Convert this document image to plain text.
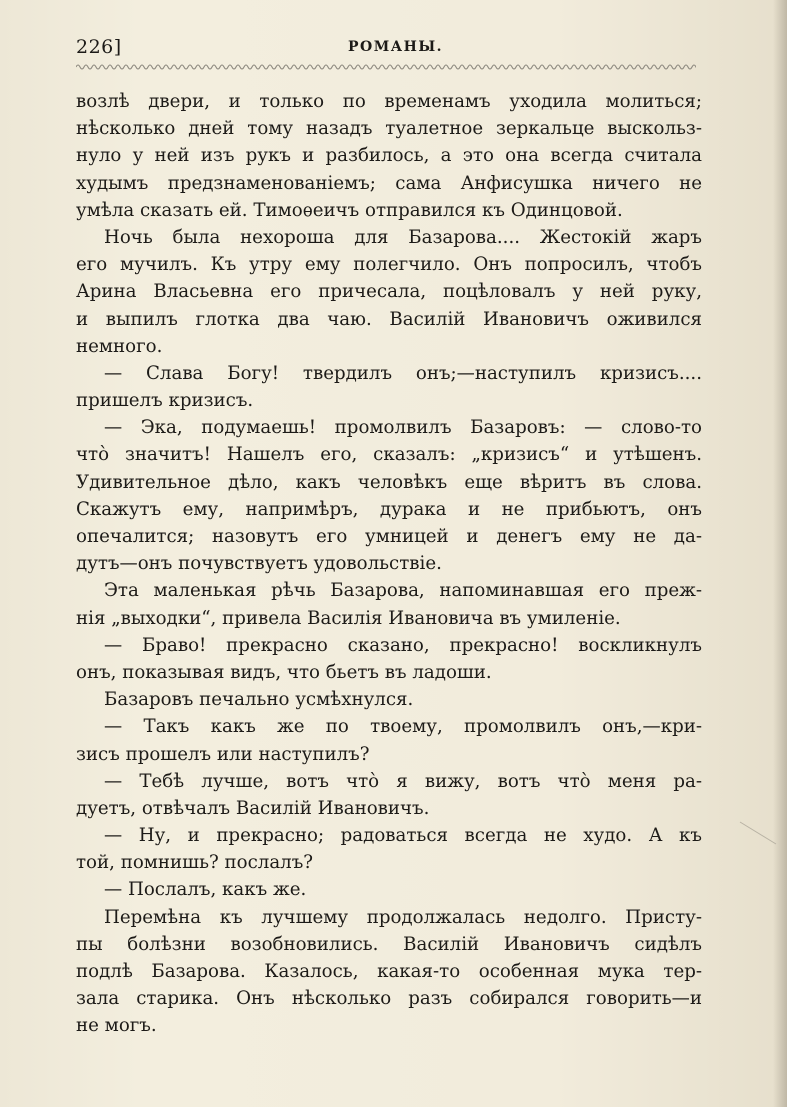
226]	РОМАНЫ.
возлѣ двери, и только по временамъ уходила молиться;
нѣсколько дней тому назадъ туалетное зеркальце выскольз-
нуло у ней изъ рукъ и разбилось, а это она всегда считала
худымъ предзнаменованіемъ; сама Анфисушка ничего не
умѣла сказать ей. Тимоѳеичъ отправился къ Одинцовой.
Ночь была нехороша для Базарова.... Жестокій жаръ
его мучилъ. Къ утру ему полегчило. Онъ попросилъ, чтобъ
Арина Власьевна его причесала, поцѣловалъ у ней руку,
и выпилъ глотка два чаю. Василій Ивановичъ оживился
немного.
— Слава Богу! твердилъ онъ;—наступилъ кризисъ....
пришелъ кризисъ.
— Эка, подумаешь! промолвилъ Базаровъ: — слово-то
что̀ значитъ! Нашелъ его, сказалъ: „кризисъ“ и утѣшенъ.
Удивительное дѣло, какъ человѣкъ еще вѣритъ въ слова.
Скажутъ ему, напримѣръ, дурака и не прибьютъ, онъ
опечалится; назовутъ его умницей и денегъ ему не да-
дутъ—онъ почувствуетъ удовольствіе.
Эта маленькая рѣчь Базарова, напоминавшая его преж-
нія „выходки“, привела Василія Ивановича въ умиленіе.
— Браво! прекрасно сказано, прекрасно! воскликнулъ
онъ, показывая видъ, что бьетъ въ ладоши.
Базаровъ печально усмѣхнулся.
— Такъ какъ же по твоему, промолвилъ онъ,—кри-
зисъ прошелъ или наступилъ?
— Тебѣ лучше, вотъ что̀ я вижу, вотъ что̀ меня ра-
дуетъ, отвѣчалъ Василій Ивановичъ.
— Ну, и прекрасно; радоваться всегда не худо. А къ
той, помнишь? послалъ?
— Послалъ, какъ же.
Перемѣна къ лучшему продолжалась недолго. Присту-
пы болѣзни возобновились. Василій Ивановичъ сидѣлъ
подлѣ Базарова. Казалось, какая-то особенная мука тер-
зала старика. Онъ нѣсколько разъ собирался говорить—и
не могъ.
